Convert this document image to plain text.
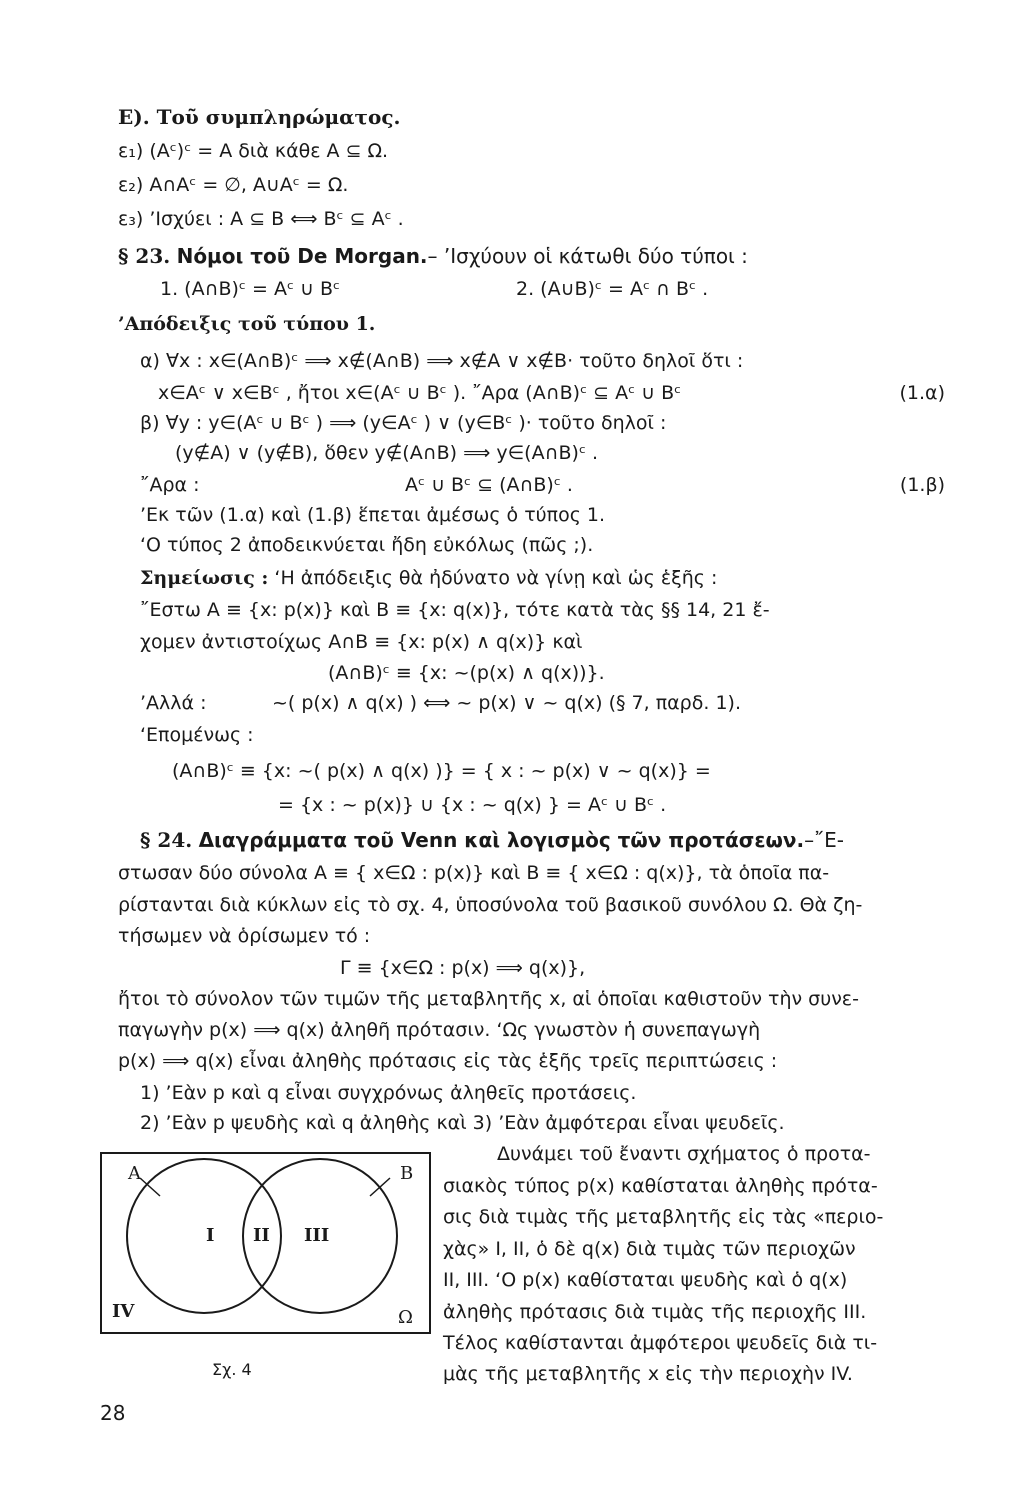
E). Τοῦ συμπληρώματος.
ε₁) (Aᶜ)ᶜ = A διὰ κάθε A ⊆ Ω.
ε₂) A∩Aᶜ = ∅, A∪Aᶜ = Ω.
ε₃) ’Ισχύει : A ⊆ B ⟺ Bᶜ ⊆ Aᶜ .
§ 23. Νόμοι τοῦ De Morgan.– ’Ισχύουν οἱ κάτωθι δύο τύποι :
1. (A∩B)ᶜ = Aᶜ ∪ Bᶜ	2. (A∪B)ᶜ = Aᶜ ∩ Bᶜ .
’Απόδειξις τοῦ τύπου 1.
α) ∀x : x∈(A∩B)ᶜ ⟹ x∉(A∩B) ⟹ x∉A ∨ x∉B· τοῦτο δηλοῖ ὅτι :
x∈Aᶜ ∨ x∈Bᶜ , ἤτοι x∈(Aᶜ ∪ Bᶜ ). ῎Αρα (A∩B)ᶜ ⊆ Aᶜ ∪ Bᶜ	(1.α)
β) ∀y : y∈(Aᶜ ∪ Bᶜ ) ⟹ (y∈Aᶜ ) ∨ (y∈Bᶜ )· τοῦτο δηλοῖ :
(y∉A) ∨ (y∉B), ὅθεν y∉(A∩B) ⟹ y∈(A∩B)ᶜ .
῎Αρα :	Aᶜ ∪ Bᶜ ⊆ (A∩B)ᶜ .	(1.β)
’Εκ τῶν (1.α) καὶ (1.β) ἕπεται ἀμέσως ὁ τύπος 1.
‘Ο τύπος 2 ἀποδεικνύεται ἤδη εὐκόλως (πῶς ;).
Σημείωσις : ‘Η ἀπόδειξις θὰ ἠδύνατο νὰ γίνῃ καὶ ὡς ἑξῆς :
῎Εστω A ≡ {x: p(x)} καὶ B ≡ {x: q(x)}, τότε κατὰ τὰς §§ 14, 21 ἔ-
χομεν ἀντιστοίχως A∩B ≡ {x: p(x) ∧ q(x)} καὶ
(A∩B)ᶜ ≡ {x: ~(p(x) ∧ q(x))}.
’Αλλά :	~( p(x) ∧ q(x) ) ⟺ ~ p(x) ∨ ~ q(x) (§ 7, παρδ. 1).
‘Επομένως :
(A∩B)ᶜ ≡ {x: ~( p(x) ∧ q(x) )} = { x : ~ p(x) ∨ ~ q(x)} =
= {x : ~ p(x)} ∪ {x : ~ q(x) } = Aᶜ ∪ Bᶜ .
§ 24. Διαγράμματα τοῦ Venn καὶ λογισμὸς τῶν προτάσεων.–῎Ε-
στωσαν δύο σύνολα A ≡ { x∈Ω : p(x)} καὶ B ≡ { x∈Ω : q(x)}, τὰ ὁποῖα πα-
ρίστανται διὰ κύκλων εἰς τὸ σχ. 4, ὑποσύνολα τοῦ βασικοῦ συνόλου Ω. Θὰ ζη-
τήσωμεν νὰ ὁρίσωμεν τό :
Γ ≡ {x∈Ω : p(x) ⟹ q(x)},
ἤτοι τὸ σύνολον τῶν τιμῶν τῆς μεταβλητῆς x, αἱ ὁποῖαι καθιστοῦν τὴν συνε-
παγωγὴν p(x) ⟹ q(x) ἀληθῆ πρότασιν. ‘Ως γνωστὸν ἡ συνεπαγωγὴ
p(x) ⟹ q(x) εἶναι ἀληθὴς πρότασις εἰς τὰς ἑξῆς τρεῖς περιπτώσεις :
1) ’Εὰν p καὶ q εἶναι συγχρόνως ἀληθεῖς προτάσεις.
2) ’Εὰν p ψευδὴς καὶ q ἀληθὴς καὶ 3) ’Εὰν ἀμφότεραι εἶναι ψευδεῖς.
Δυνάμει τοῦ ἔναντι σχήματος ὁ προτα-
σιακὸς τύπος p(x) καθίσταται ἀληθὴς πρότα-
σις διὰ τιμὰς τῆς μεταβλητῆς εἰς τὰς «περιο-
χὰς» I, II, ὁ δὲ q(x) διὰ τιμὰς τῶν περιοχῶν
II, III. ‘Ο p(x) καθίσταται ψευδὴς καὶ ὁ q(x)
ἀληθὴς πρότασις διὰ τιμὰς τῆς περιοχῆς III.
Τέλος καθίστανται ἀμφότεροι ψευδεῖς διὰ τι-
μὰς τῆς μεταβλητῆς x εἰς τὴν περιοχὴν IV.
A	B
I II III
IV	Ω
Σχ. 4
28
